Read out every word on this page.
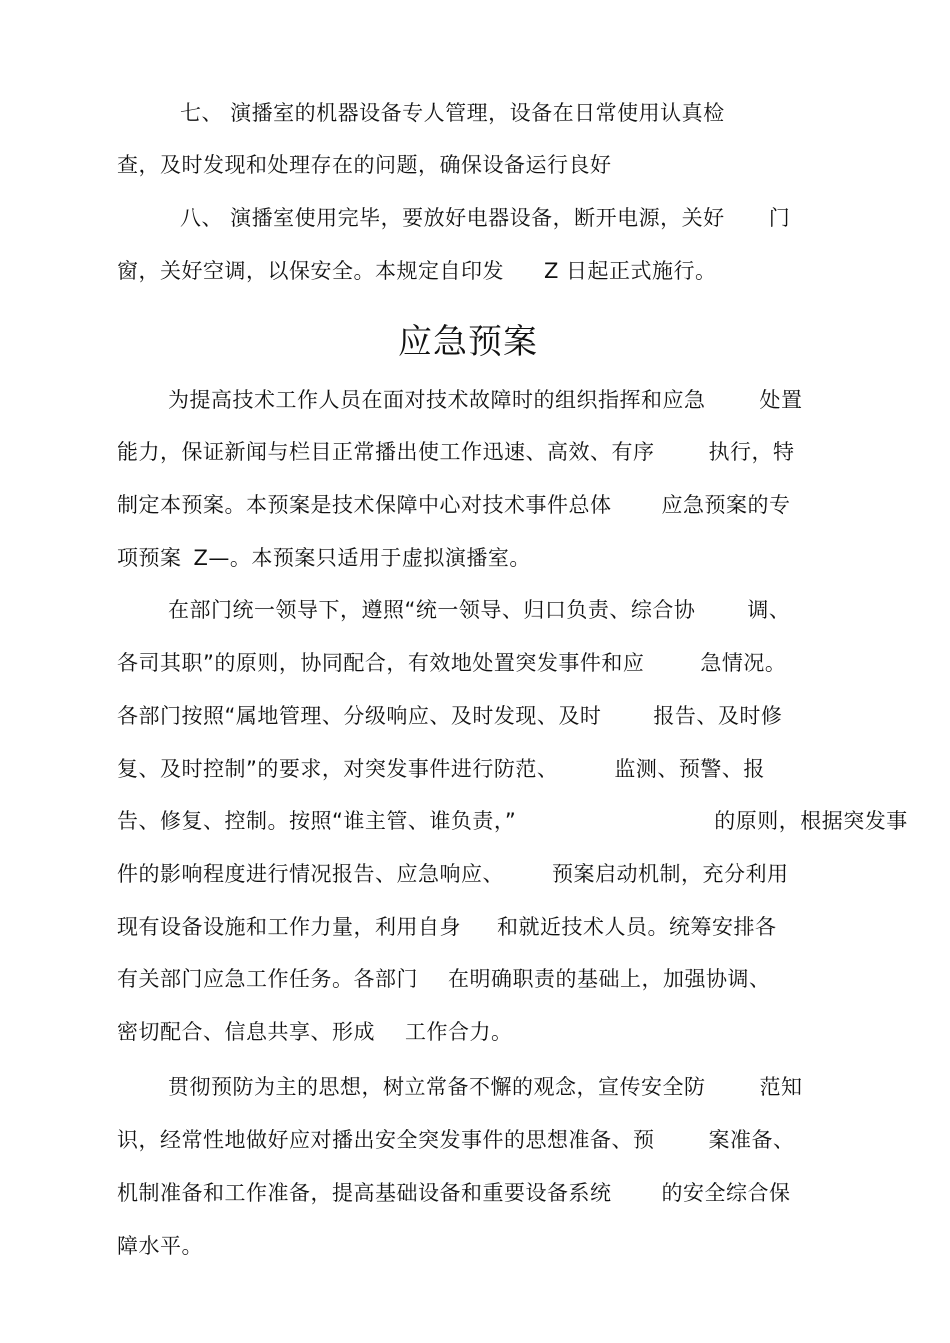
七、 演播室的机器设备专人管理，设备在日常使用认真检
查，及时发现和处理存在的问题，确保设备运行良好
八、 演播室使用完毕，要放好电器设备，断开电源，关好 门
窗，关好空调，以保安全。本规定自印发 Z 日起正式施行。
应急预案
为提高技术工作人员在面对技术故障时的组织指挥和应急	处置
能力，保证新闻与栏目正常播出使工作迅速、高效、有序	执行，特
制定本预案。本预案是技术保障中心对技术事件总体 应急预案的专
项预案 Z—。本预案只适用于虚拟演播室。
在部门统一领导下，遵照“统一领导、归口负责、综合协 调、
各司其职”的原则，协同配合，有效地处置突发事件和应	急情况。
各部门按照“属地管理、分级响应、及时发现、及时 报告、及时修
复、及时控制”的要求，对突发事件进行防范、	监测、预警、报
告、修复、控制。按照“谁主管、谁负责，”	的原则，根据突发事
件的影响程度进行情况报告、应急响应、 预案启动机制，充分利用
现有设备设施和工作力量，利用自身 和就近技术人员。统筹安排各
有关部门应急工作任务。各部门 在明确职责的基础上，加强协调、
密切配合、信息共享、形成 工作合力。
贯彻预防为主的思想，树立常备不懈的观念，宣传安全防	范知
识，经常性地做好应对播出安全突发事件的思想准备、预	案准备、
机制准备和工作准备，提高基础设备和重要设备系统 的安全综合保
障水平。
